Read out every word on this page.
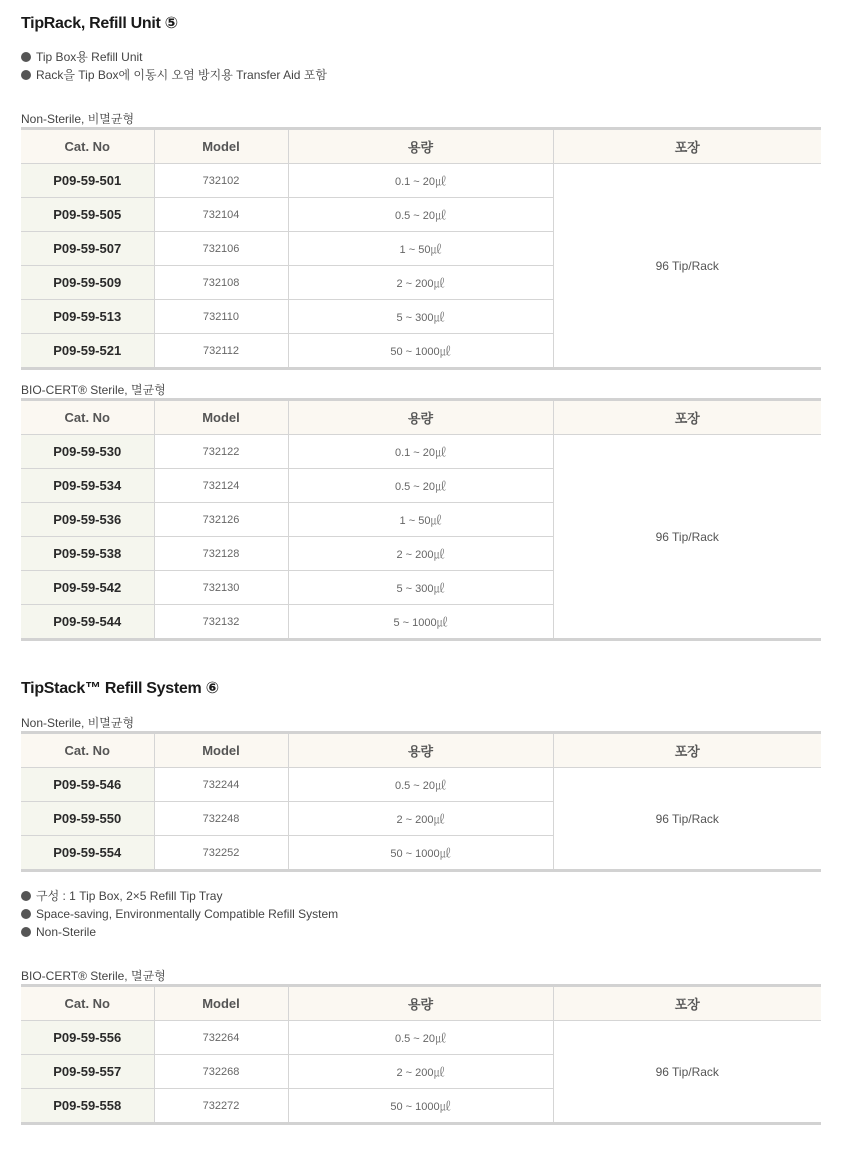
TipRack, Refill Unit ⑤
Tip Box용 Refill Unit
Rack을 Tip Box에 이동시 오염 방지용 Transfer Aid 포함
Non-Sterile, 비멸균형
Cat. No	Model	용량	포장
P09-59-501	732102	0.1 ~ 20㎕	96 Tip/Rack
P09-59-505	732104	0.5 ~ 20㎕	
P09-59-507	732106	1 ~ 50㎕	
P09-59-509	732108	2 ~ 200㎕	
P09-59-513	732110	5 ~ 300㎕	
P09-59-521	732112	50 ~ 1000㎕	
BIO-CERT® Sterile, 멸균형
Cat. No	Model	용량	포장
P09-59-530	732122	0.1 ~ 20㎕	96 Tip/Rack
P09-59-534	732124	0.5 ~ 20㎕	
P09-59-536	732126	1 ~ 50㎕	
P09-59-538	732128	2 ~ 200㎕	
P09-59-542	732130	5 ~ 300㎕	
P09-59-544	732132	5 ~ 1000㎕	
TipStack™ Refill System ⑥
Non-Sterile, 비멸균형
Cat. No	Model	용량	포장
P09-59-546	732244	0.5 ~ 20㎕	96 Tip/Rack
P09-59-550	732248	2 ~ 200㎕	
P09-59-554	732252	50 ~ 1000㎕	
구성 : 1 Tip Box, 2×5 Refill Tip Tray
Space-saving, Environmentally Compatible Refill System
Non-Sterile
BIO-CERT® Sterile, 멸균형
Cat. No	Model	용량	포장
P09-59-556	732264	0.5 ~ 20㎕	96 Tip/Rack
P09-59-557	732268	2 ~ 200㎕	
P09-59-558	732272	50 ~ 1000㎕	
